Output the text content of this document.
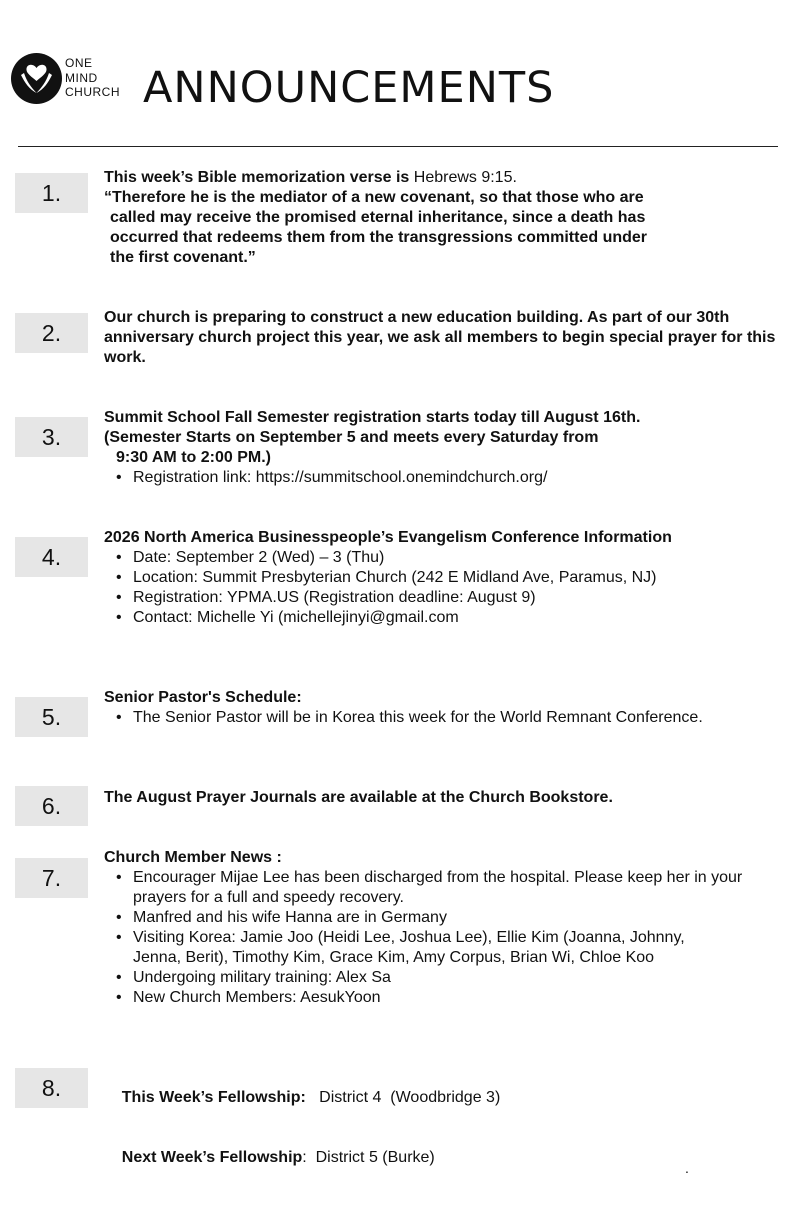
ONE
MIND
CHURCH ANNOUNCEMENTS
1.
This week’s Bible memorization verse is Hebrews 9:15.
“Therefore he is the mediator of a new covenant, so that those who are
called may receive the promised eternal inheritance, since a death has
occurred that redeems them from the transgressions committed under
the first covenant.”
2.
Our church is preparing to construct a new education building. As part of our 30th anniversary church project this year, we ask all members to begin special prayer for this work.
3.
Summit School Fall Semester registration starts today till August 16th.
(Semester Starts on September 5 and meets every Saturday from
9:30 AM to 2:00 PM.)
• Registration link: https://summitschool.onemindchurch.org/
4.
2026 North America Businesspeople’s Evangelism Conference Information
• Date: September 2 (Wed) – 3 (Thu)
• Location: Summit Presbyterian Church (242 E Midland Ave, Paramus, NJ)
• Registration: YPMA.US (Registration deadline: August 9)
• Contact: Michelle Yi (michellejinyi@gmail.com
5.
Senior Pastor's Schedule:
• The Senior Pastor will be in Korea this week for the World Remnant Conference.
6.	The August Prayer Journals are available at the Church Bookstore.
7.
Church Member News :
• Encourager Mijae Lee has been discharged from the hospital. Please keep her in your prayers for a full and speedy recovery.
• Manfred and his wife Hanna are in Germany
• Visiting Korea: Jamie Joo (Heidi Lee, Joshua Lee), Ellie Kim (Joanna, Johnny, Jenna, Berit), Timothy Kim, Grace Kim, Amy Corpus, Brian Wi, Chloe Koo
• Undergoing military training: Alex Sa
• New Church Members: AesukYoon
8.	This Week’s Fellowship:   District 4  (Woodbridge 3)

Next Week’s Fellowship:  District 5 (Burke)

.
